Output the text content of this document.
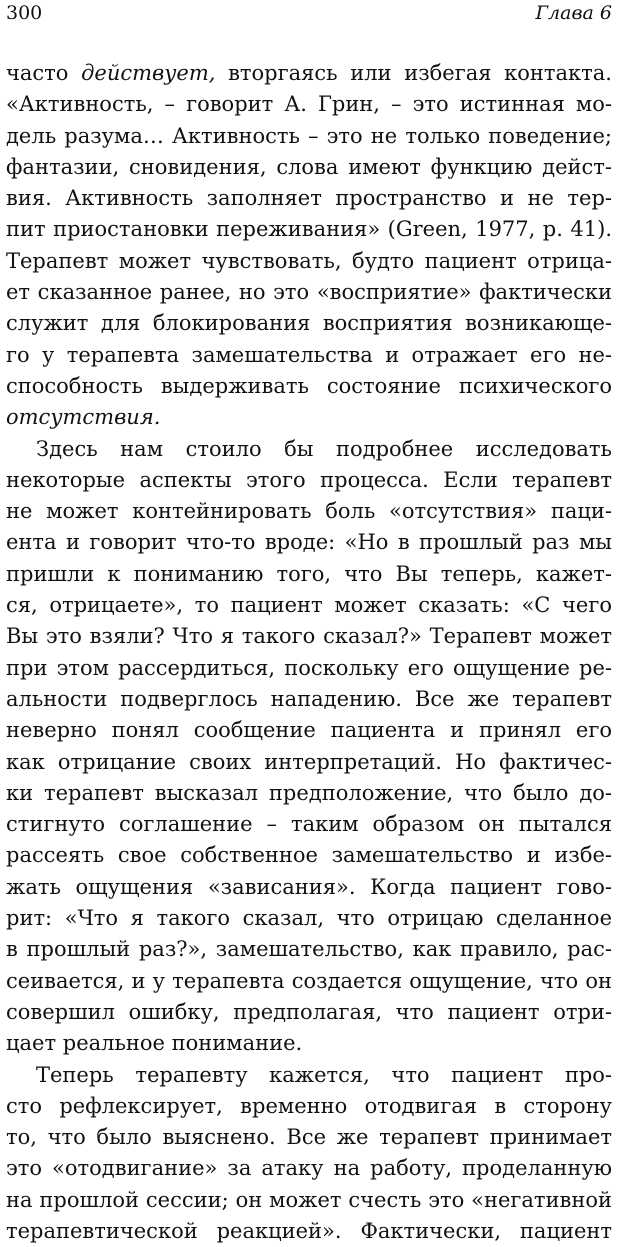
300	Глава 6
часто действует, вторгаясь или избегая контакта.
«Активность, – говорит А. Грин, – это истинная мо-
дель разума… Активность – это не только поведение;
фантазии, сновидения, слова имеют функцию дейст-
вия. Активность заполняет пространство и не тер-
пит приостановки переживания» (Green, 1977, p. 41).
Терапевт может чувствовать, будто пациент отрица-
ет сказанное ранее, но это «восприятие» фактически
служит для блокирования восприятия возникающе-
го у терапевта замешательства и отражает его не-
способность выдерживать состояние психического
отсутствия.
Здесь нам стоило бы подробнее исследовать
некоторые аспекты этого процесса. Если терапевт
не может контейнировать боль «отсутствия» паци-
ента и говорит что-то вроде: «Но в прошлый раз мы
пришли к пониманию того, что Вы теперь, кажет-
ся, отрицаете», то пациент может сказать: «С чего
Вы это взяли? Что я такого сказал?» Терапевт может
при этом рассердиться, поскольку его ощущение ре-
альности подверглось нападению. Все же терапевт
неверно понял сообщение пациента и принял его
как отрицание своих интерпретаций. Но фактичес-
ки терапевт высказал предположение, что было до-
стигнуто соглашение – таким образом он пытался
рассеять свое собственное замешательство и избе-
жать ощущения «зависания». Когда пациент гово-
рит: «Что я такого сказал, что отрицаю сделанное
в прошлый раз?», замешательство, как правило, рас-
сеивается, и у терапевта создается ощущение, что он
совершил ошибку, предполагая, что пациент отри-
цает реальное понимание.
Теперь терапевту кажется, что пациент про-
сто рефлексирует, временно отодвигая в сторону
то, что было выяснено. Все же терапевт принимает
это «отодвигание» за атаку на работу, проделанную
на прошлой сессии; он может счесть это «негативной
терапевтической реакцией». Фактически, пациент
